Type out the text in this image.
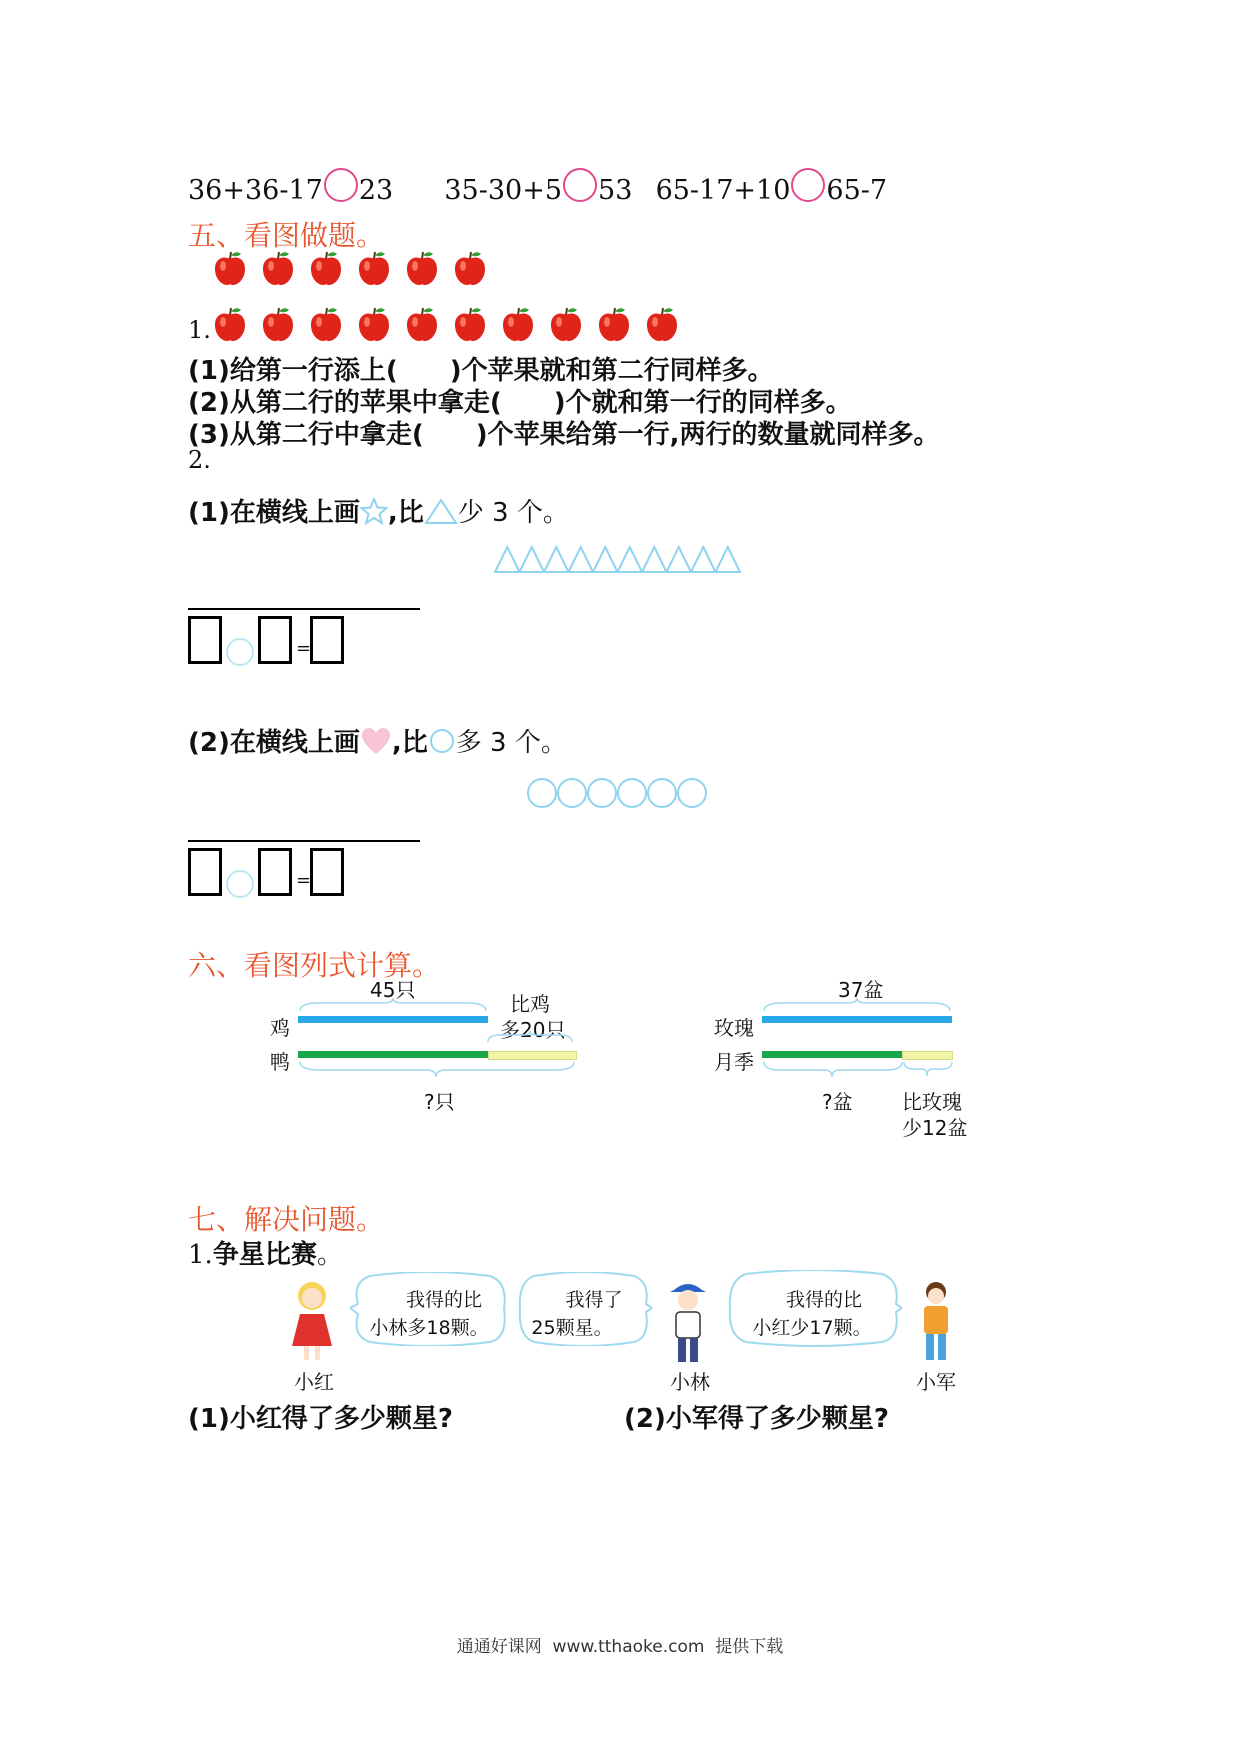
36+36-17 23 35-30+5 53 65-17+10 65-7
五、看图做题。
1.
(1)给第一行添上(　　)个苹果就和第二行同样多。
(2)从第二行的苹果中拿走(　　)个就和第一行的同样多。
(3)从第二行中拿走(　　)个苹果给第一行,两行的数量就同样多。
2.
(1)在横线上画 ,比 少 3 个。
=
(2)在横线上画 ,比 多 3 个。
=
六、看图列式计算。
45只
比鸡
多20只
鸡
鸭
?只
37盆
玫瑰
月季
?盆 比玫瑰
少12盆
七、解决问题。
1.争星比赛。
我得的比
小林多18颗。
我得了
25颗星。
我得的比
小红少17颗。
小红	小林	小军
(1)小红得了多少颗星?	(2)小军得了多少颗星?
通通好课网  www.tthaoke.com  提供下载
